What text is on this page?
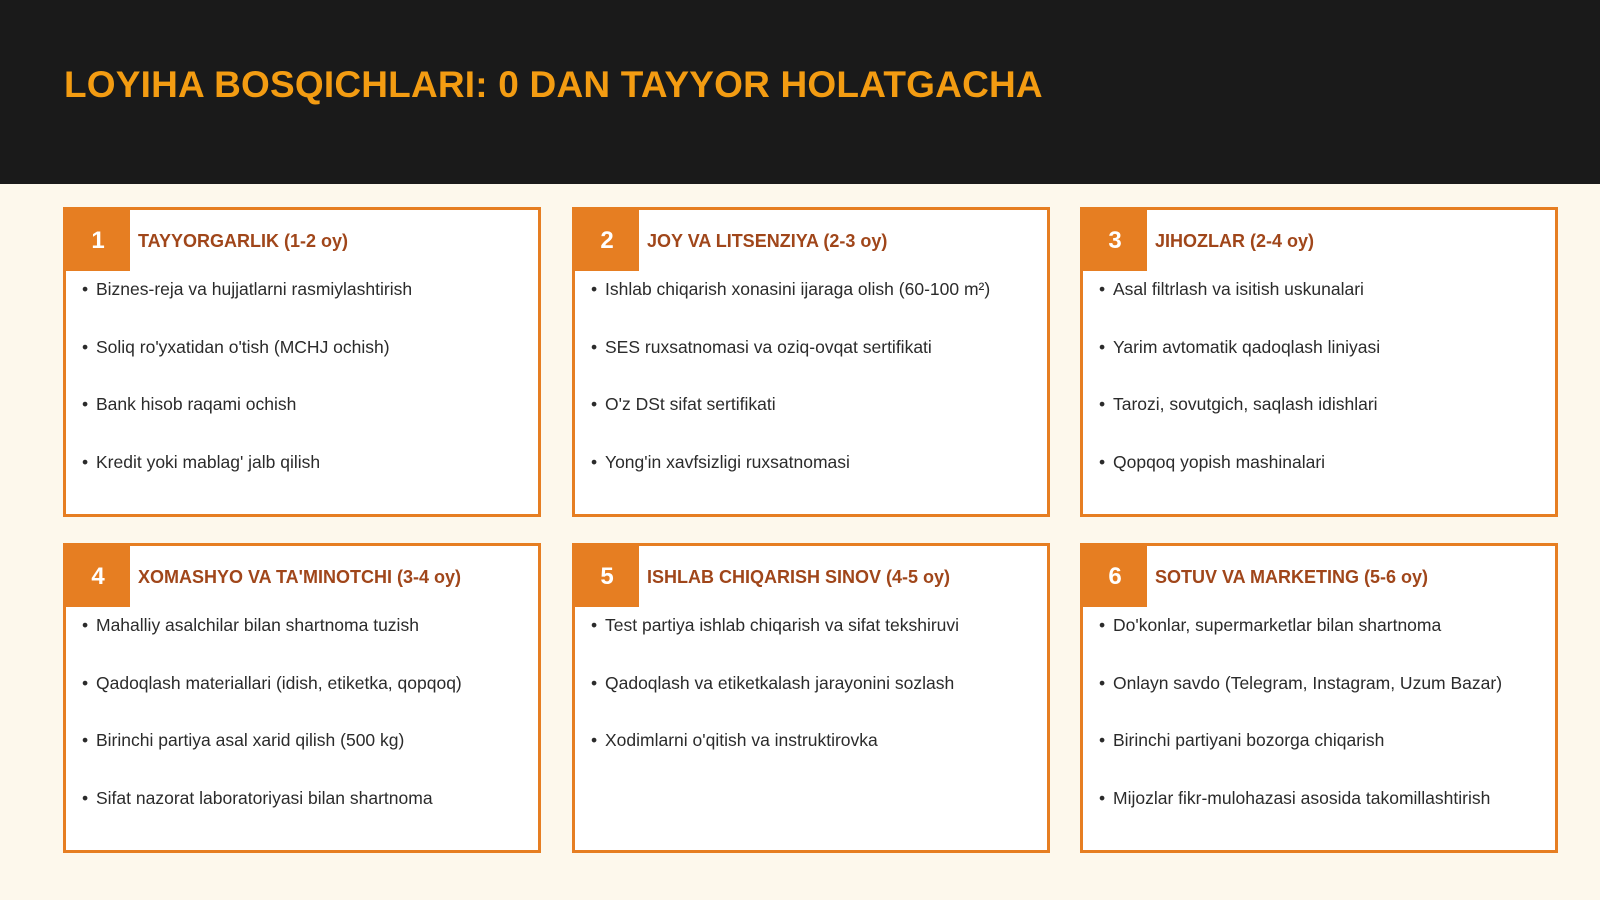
LOYIHA BOSQICHLARI: 0 DAN TAYYOR HOLATGACHA
1	TAYYORGARLIK (1-2 oy)
•
Biznes-reja va hujjatlarni rasmiylashtirish
•
Soliq ro'yxatidan o'tish (MCHJ ochish)
•
Bank hisob raqami ochish
•
Kredit yoki mablag' jalb qilish
2	JOY VA LITSENZIYA (2-3 oy)
•
Ishlab chiqarish xonasini ijaraga olish (60-100 m²)
•
SES ruxsatnomasi va oziq-ovqat sertifikati
•
O'z DSt sifat sertifikati
•
Yong'in xavfsizligi ruxsatnomasi
3	JIHOZLAR (2-4 oy)
•
Asal filtrlash va isitish uskunalari
•
Yarim avtomatik qadoqlash liniyasi
•
Tarozi, sovutgich, saqlash idishlari
•
Qopqoq yopish mashinalari
4	XOMASHYO VA TA'MINOTCHI (3-4 oy)
•
Mahalliy asalchilar bilan shartnoma tuzish
•
Qadoqlash materiallari (idish, etiketka, qopqoq)
•
Birinchi partiya asal xarid qilish (500 kg)
•
Sifat nazorat laboratoriyasi bilan shartnoma
5	ISHLAB CHIQARISH SINOV (4-5 oy)
•
Test partiya ishlab chiqarish va sifat tekshiruvi
•
Qadoqlash va etiketkalash jarayonini sozlash
•
Xodimlarni o'qitish va instruktirovka
6	SOTUV VA MARKETING (5-6 oy)
•
Do'konlar, supermarketlar bilan shartnoma
•
Onlayn savdo (Telegram, Instagram, Uzum Bazar)
•
Birinchi partiyani bozorga chiqarish
•
Mijozlar fikr-mulohazasi asosida takomillashtirish
